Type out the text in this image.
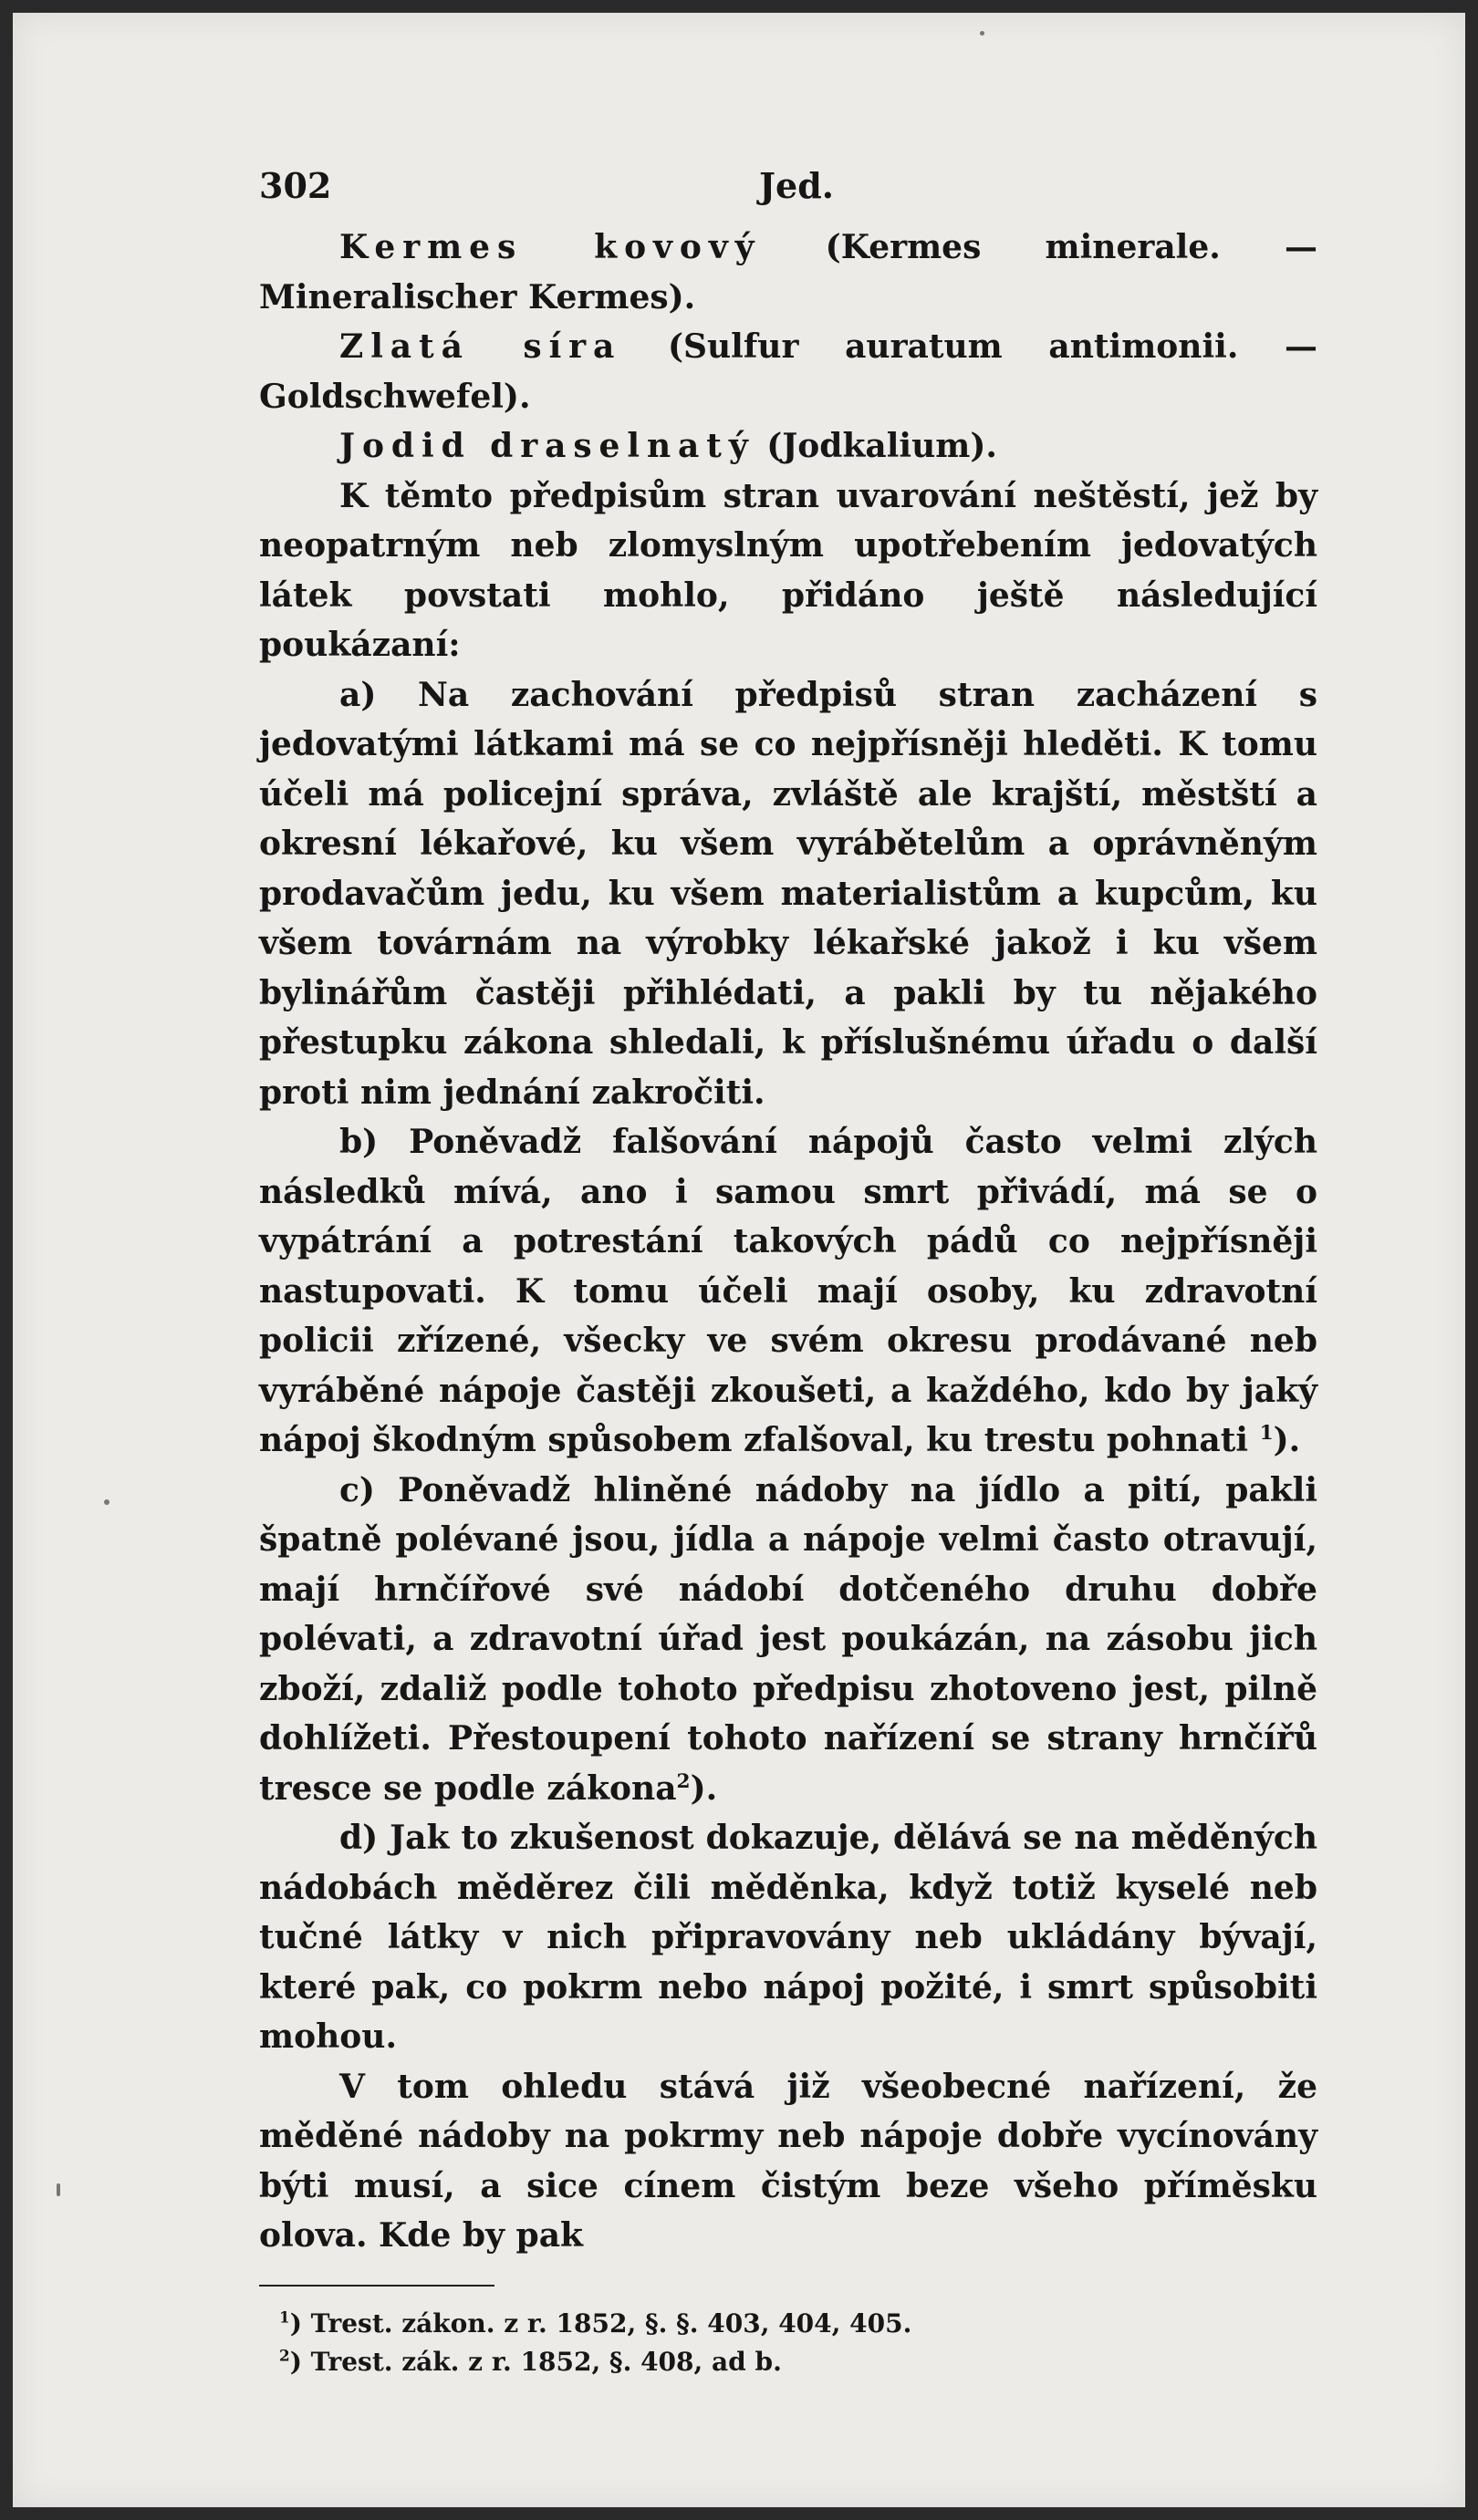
302	Jed.

Kermes kovový (Kermes minerale. — Mineralischer Kermes).

Zlatá síra (Sulfur auratum antimonii. — Goldschwefel).

Jodid draselnatý (Jodkalium).

K těmto předpisům stran uvarování neštěstí, jež by neopatrným neb zlomyslným upotřebením jedovatých látek povstati mohlo, přidáno ještě následující poukázaní:

a) Na zachování předpisů stran zacházení s jedovatými látkami má se co nejpřísněji hleděti. K tomu účeli má policejní správa, zvláště ale krajští, městští a okresní lékařové, ku všem vyrábětelům a oprávněným prodavačům jedu, ku všem materialistům a kupcům, ku všem továrnám na výrobky lékařské jakož i ku všem bylinářům častěji přihlédati, a pakli by tu nějakého přestupku zákona shledali, k příslušnému úřadu o další proti nim jednání zakročiti.

b) Poněvadž falšování nápojů často velmi zlých následků mívá, ano i samou smrt přivádí, má se o vypátrání a potrestání takových pádů co nejpřísněji nastupovati. K tomu účeli mají osoby, ku zdravotní policii zřízené, všecky ve svém okresu prodávané neb vyráběné nápoje častěji zkoušeti, a každého, kdo by jaký nápoj škodným spůsobem zfalšoval, ku trestu pohnati $^1$).

c) Poněvadž hliněné nádoby na jídlo a pití, pakli špatně polévané jsou, jídla a nápoje velmi často otravují, mají hrnčířové své nádobí dotčeného druhu dobře polévati, a zdravotní úřad jest poukázán, na zásobu jich zboží, zdaliž podle tohoto předpisu zhotoveno jest, pilně dohlížeti. Přestoupení tohoto nařízení se strany hrnčířů tresce se podle zákona$^2$).

d) Jak to zkušenost dokazuje, dělává se na měděných nádobách měděrez čili měděnka, když totiž kyselé neb tučné látky v nich připravovány neb ukládány bývají, které pak, co pokrm nebo nápoj požité, i smrt spůsobiti mohou.

V tom ohledu stává již všeobecné nařízení, že měděné nádoby na pokrmy neb nápoje dobře vycínovány býti musí, a sice cínem čistým beze všeho příměsku olova. Kde by pak

$^1$) Trest. zákon. z r. 1852, §. §. 403, 404, 405.
$^2$) Trest. zák. z r. 1852, §. 408, ad b.
